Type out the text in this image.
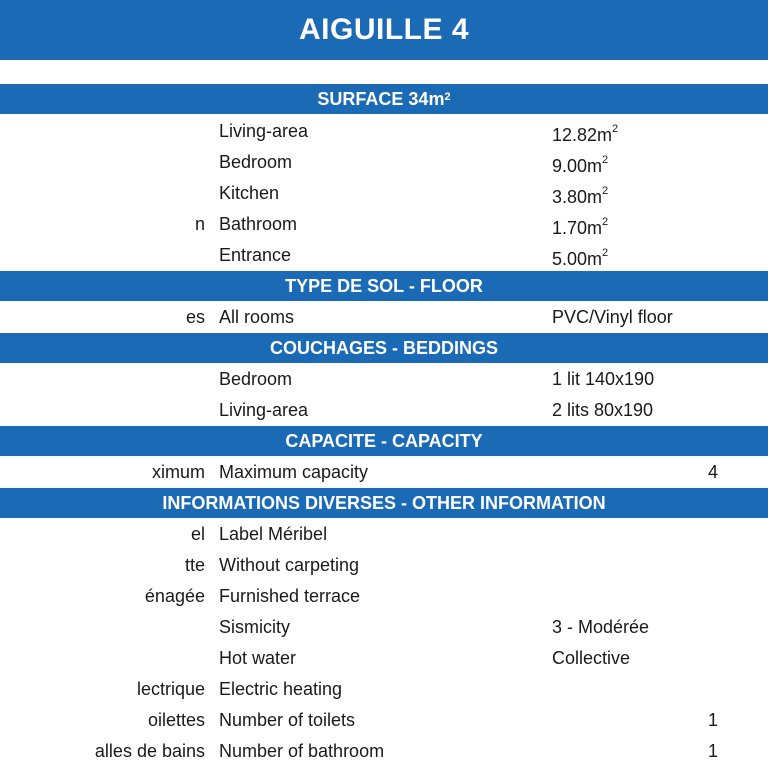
AIGUILLE 4
SURFACE $34m^2$
Living-area	$12.82m^2$
Bedroom	$9.00m^2$
Kitchen	$3.80m^2$
n Bathroom	$1.70m^2$
Entrance	$5.00m^2$
TYPE DE SOL - FLOOR
es All rooms	PVC/Vinyl floor
COUCHAGES - BEDDINGS
Bedroom	1 lit 140x190
Living-area	2 lits 80x190
CAPACITE - CAPACITY
ximum Maximum capacity	4
INFORMATIONS DIVERSES - OTHER INFORMATION
el Label Méribel
tte Without carpeting
énagée Furnished terrace
Sismicity	3 - Modérée
Hot water	Collective
lectrique Electric heating
oilettes Number of toilets	1
alles de bains Number of bathroom	1
